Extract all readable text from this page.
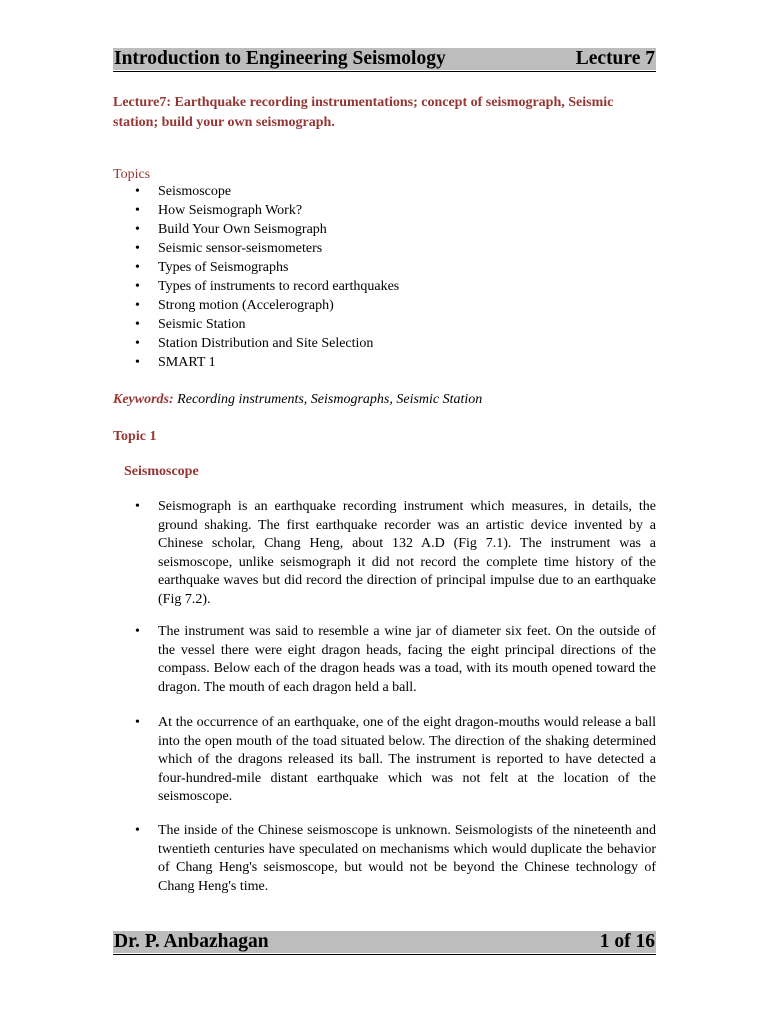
Introduction to Engineering Seismology	Lecture 7
Lecture7: Earthquake recording instrumentations; concept of seismograph, Seismic station; build your own seismograph.
Topics
• Seismoscope
• How Seismograph Work?
• Build Your Own Seismograph
• Seismic sensor-seismometers
• Types of Seismographs
• Types of instruments to record earthquakes
• Strong motion (Accelerograph)
• Seismic Station
• Station Distribution and Site Selection
• SMART 1
Keywords: Recording instruments, Seismographs, Seismic Station
Topic 1
Seismoscope
• Seismograph is an earthquake recording instrument which measures, in details, the ground shaking. The first earthquake recorder was an artistic device invented by a Chinese scholar, Chang Heng, about 132 A.D (Fig 7.1). The instrument was a seismoscope, unlike seismograph it did not record the complete time history of the earthquake waves but did record the direction of principal impulse due to an earthquake (Fig 7.2).
• The instrument was said to resemble a wine jar of diameter six feet. On the outside of the vessel there were eight dragon heads, facing the eight principal directions of the compass. Below each of the dragon heads was a toad, with its mouth opened toward the dragon. The mouth of each dragon held a ball.
• At the occurrence of an earthquake, one of the eight dragon-mouths would release a ball into the open mouth of the toad situated below. The direction of the shaking determined which of the dragons released its ball. The instrument is reported to have detected a four-hundred-mile distant earthquake which was not felt at the location of the seismoscope.
• The inside of the Chinese seismoscope is unknown. Seismologists of the nineteenth and twentieth centuries have speculated on mechanisms which would duplicate the behavior of Chang Heng's seismoscope, but would not be beyond the Chinese technology of Chang Heng's time.
Dr. P. Anbazhagan	1 of 16
